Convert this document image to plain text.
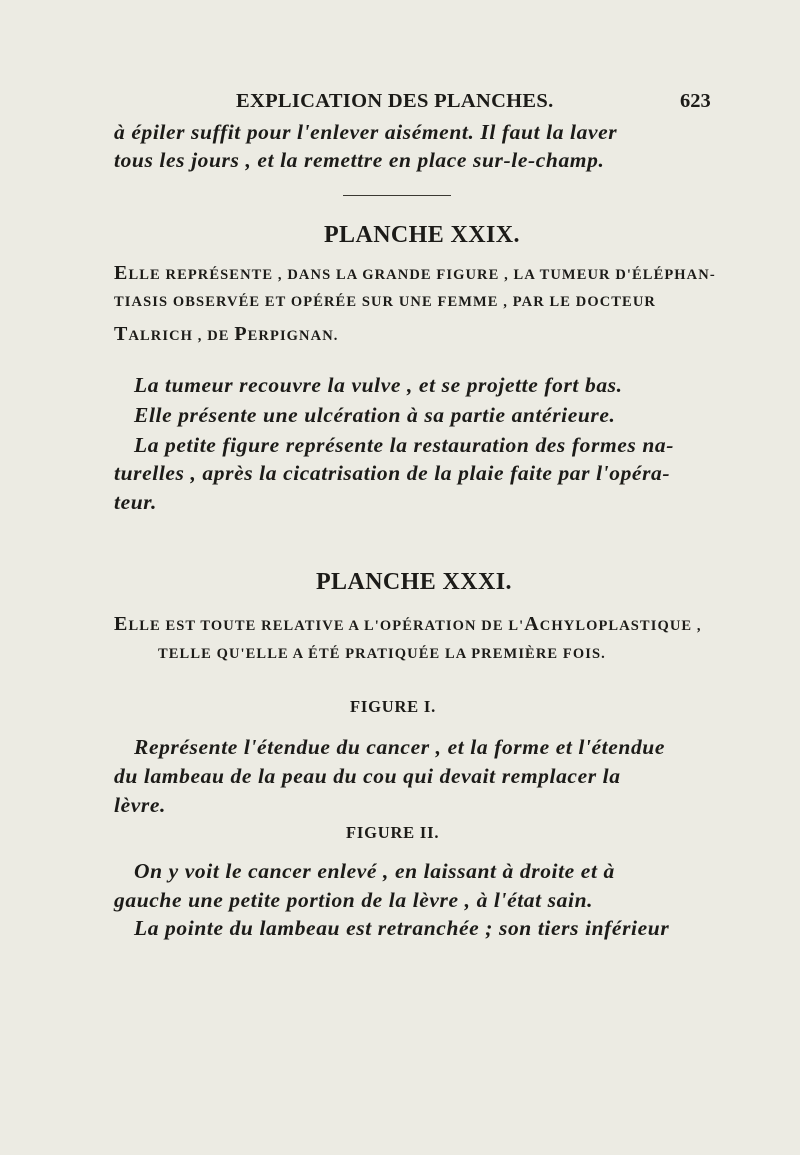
EXPLICATION DES PLANCHES.	623
à épiler suffit pour l'enlever aisément. Il faut la laver
tous les jours , et la remettre en place sur-le-champ.
PLANCHE XXIX.
ELLE REPRÉSENTE , DANS LA GRANDE FIGURE , LA TUMEUR D'ÉLÉPHAN-
TIASIS OBSERVÉE ET OPÉRÉE SUR UNE FEMME , PAR LE DOCTEUR
TALRICH , DE PERPIGNAN.
La tumeur recouvre la vulve , et se projette fort bas.
Elle présente une ulcération à sa partie antérieure.
La petite figure représente la restauration des formes na-
turelles , après la cicatrisation de la plaie faite par l'opéra-
teur.
PLANCHE XXXI.
ELLE EST TOUTE RELATIVE A L'OPÉRATION DE L'ACHYLOPLASTIQUE ,
TELLE QU'ELLE A ÉTÉ PRATIQUÉE LA PREMIÈRE FOIS.
FIGURE I.
Représente l'étendue du cancer , et la forme et l'étendue
du lambeau de la peau du cou qui devait remplacer la
lèvre.
FIGURE II.
On y voit le cancer enlevé , en laissant à droite et à
gauche une petite portion de la lèvre , à l'état sain.
La pointe du lambeau est retranchée ; son tiers inférieur
